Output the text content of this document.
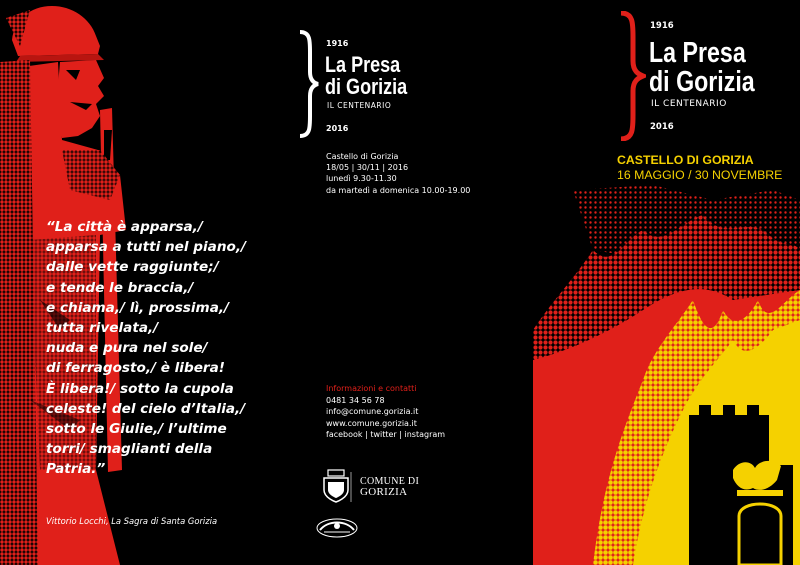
“La città è apparsa,/
apparsa a tutti nel piano,/
dalle vette raggiunte;/
e tende le braccia,/
e chiama,/ lì, prossima,/
tutta rivelata,/
nuda e pura nel sole/
di ferragosto,/ è libera!
È libera!/ sotto la cupola
celeste! del cielo d’Italia,/
sotto le Giulie,/ l’ultime
torri/ smaglianti della
Patria.”
Vittorio Locchi, La Sagra di Santa Gorizia
1916
La Presa
di Gorizia
IL CENTENARIO
2016
Castello di Gorizia
18/05 | 30/11 | 2016
lunedì 9.30-11.30
da martedì a domenica 10.00-19.00
Informazioni e contatti
0481 34 56 78
info@comune.gorizia.it
www.comune.gorizia.it
facebook | twitter | instagram
COMUNE DI
GORIZIA
1916
La Presa
di Gorizia
IL CENTENARIO
2016
CASTELLO DI GORIZIA
16 MAGGIO / 30 NOVEMBRE
